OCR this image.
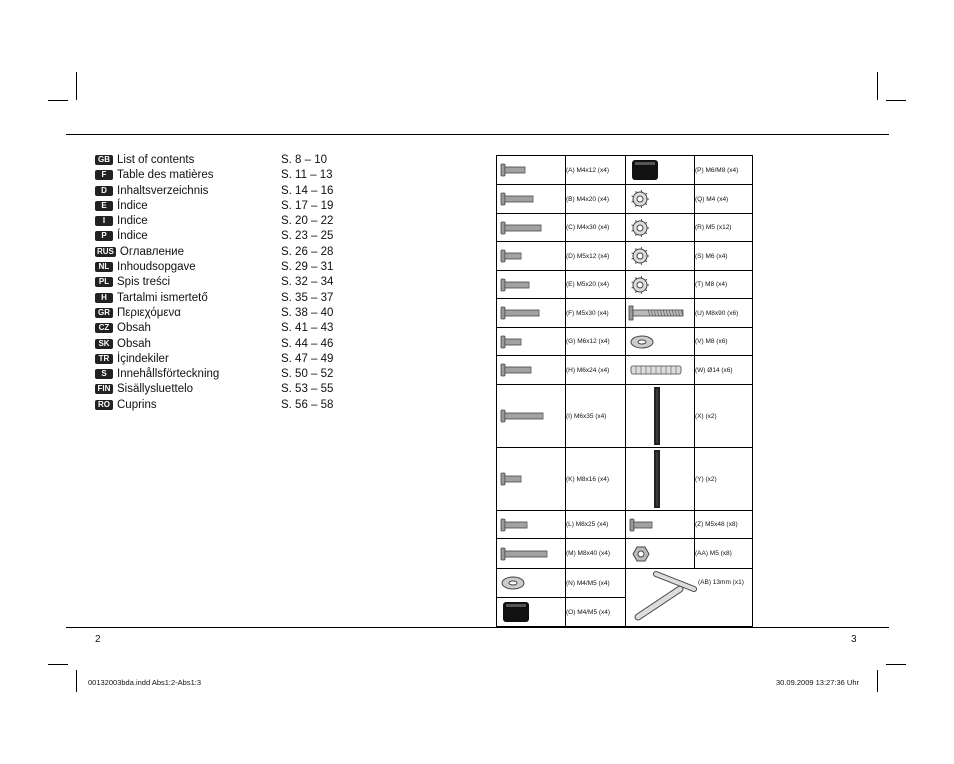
GB List of contents	S. 8 – 10
F Table des matières	S. 11 – 13
D Inhaltsverzeichnis	S. 14 – 16
E Índice	S. 17 – 19
I Indice	S. 20 – 22
P Índice	S. 23 – 25
RUS Оглавление	S. 26 – 28
NL Inhoudsopgave	S. 29 – 31
PL Spis treści	S. 32 – 34
H Tartalmi ismertető	S. 35 – 37
GR Περιεχόμενα	S. 38 – 40
CZ Obsah	S. 41 – 43
SK Obsah	S. 44 – 46
TR İçindekiler	S. 47 – 49
S Innehållsförteckning	S. 50 – 52
FIN Sisällysluettelo	S. 53 – 55
RO Cuprins	S. 56 – 58
	(A) M4x12 (x4)		(P) M6/M8 (x4)

	(B) M4x20 (x4)		(Q) M4 (x4)

	(C) M4x30 (x4)		(R) M5 (x12)

	(D) M5x12 (x4)		(S) M6 (x4)

	(E) M5x20 (x4)		(T) M8 (x4)

	(F) M5x30 (x4)		(U) M8x90 (x6)

	(G) M6x12 (x4)		(V) M8 (x6)

	(H) M6x24 (x4)		(W) Ø14 (x6)

	(I) M6x35 (x4)		(X) (x2)

	(K) M8x16 (x4)		(Y) (x2)

	(L) M8x25 (x4)		(Z) M5x48 (x8)

	(M) M8x40 (x4)		(AA) M5 (x8)

	(N) M4/M5 (x4)	(AB) 13mm (x1)	

	(O) M4/M5 (x4)		
2	3
00132003bda.indd Abs1:2-Abs1:3	30.09.2009 13:27:36 Uhr
